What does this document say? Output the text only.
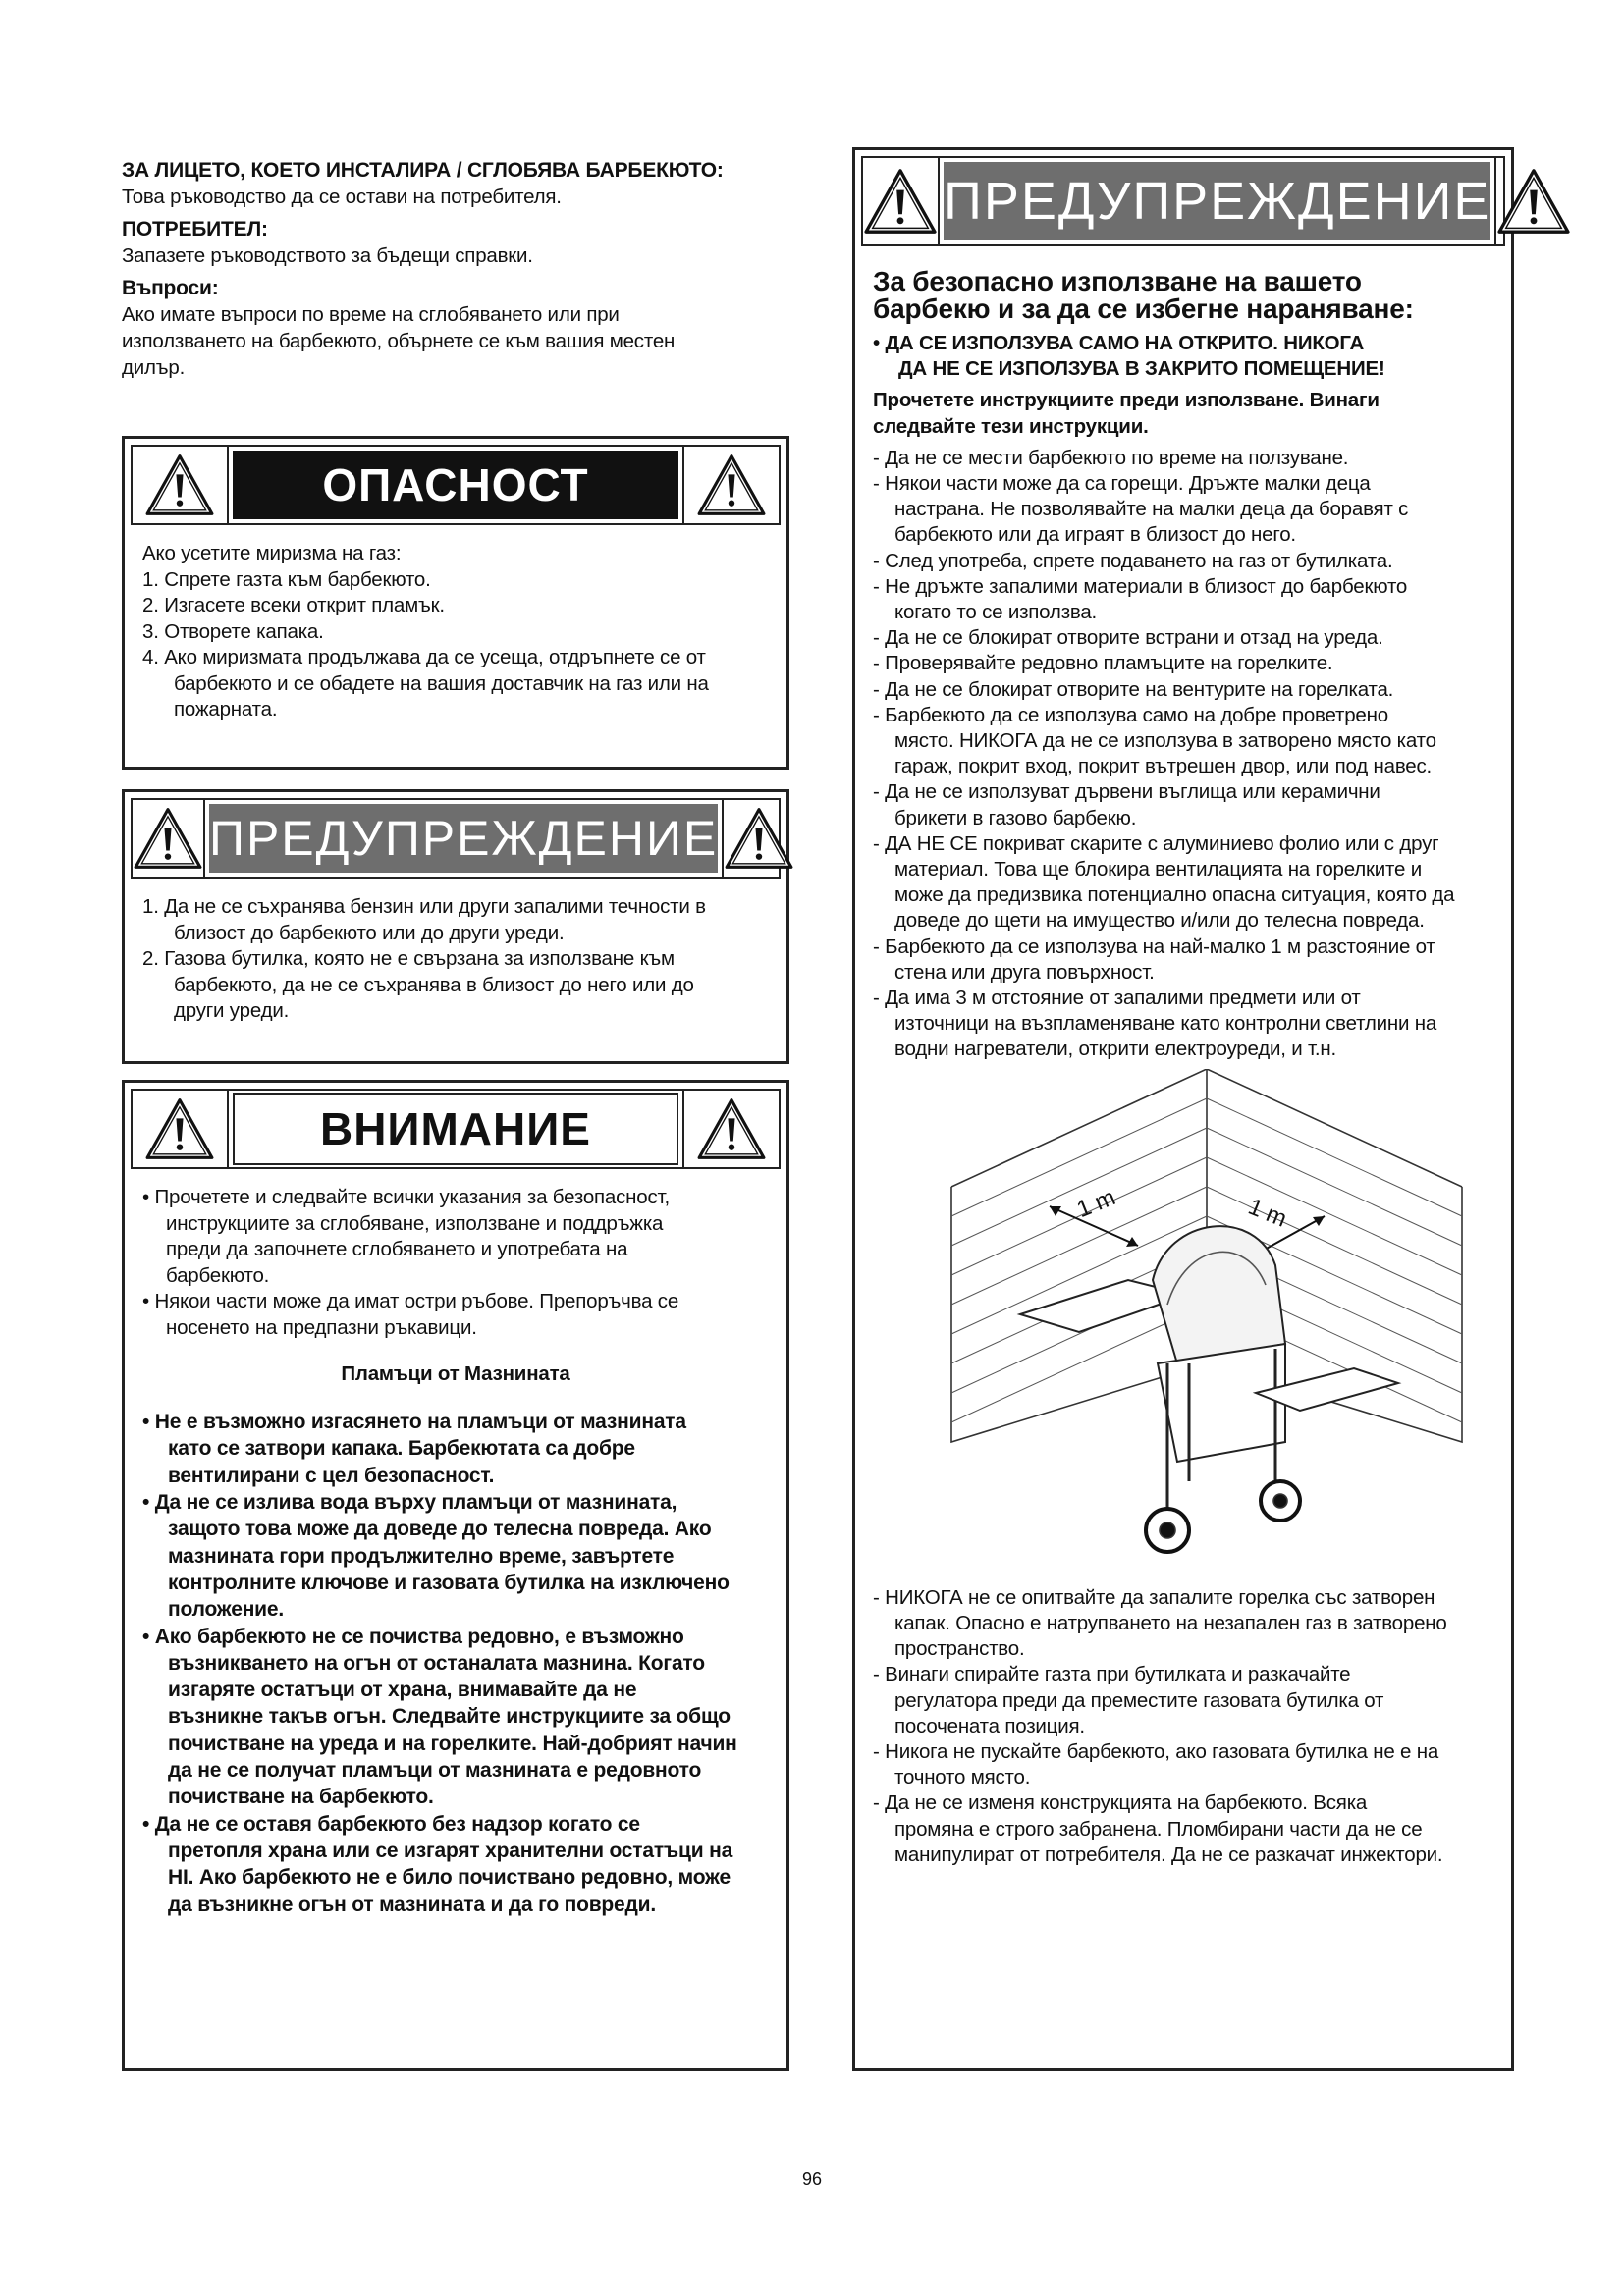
ЗА ЛИЦЕТО, КОЕТО ИНСТАЛИРА / СГЛОБЯВА БАРБЕКЮТО:

Това ръководство да се остави на потребителя.

ПОТРЕБИТЕЛ:

Запазете ръководството за бъдещи справки.

Въпроси:

Ако имате въпроси по време на сглобяването или при

използването на барбекюто, обърнете се към вашия местен

дилър.

ОПАСНОСТ

Ако усетите миризма на газ:

1. Спрете газта към барбекюто.

2. Изгасете всеки открит пламък.

3. Отворете капака.

4. Ако миризмата продължава да се усеща, отдръпнете се от

барбекюто и се обадете на вашия доставчик на газ или на

пожарната.

ПРЕДУПРЕЖДЕНИЕ

1. Да не се съхранява бензин или други запалими течности в

близост до барбекюто или до други уреди.

2. Газова бутилка, която не е свързана за използване към

барбекюто, да не се съхранява в близост до него или до

други уреди.

ВНИМАНИЕ

• Прочетете и следвайте всички указания за безопасност,

инструкциите за сглобяване, използване и поддръжка

преди да започнете сглобяването и употребата на

барбекюто.

• Някои части може да имат остри ръбове. Препоръчва се

носенето на предпазни ръкавици.

Пламъци от Мазнината

• Не е възможно изгасянето на пламъци от мазнината

като се затвори капака. Барбекютата са добре

вентилирани с цел безопасност.

• Да не се излива вода върху пламъци от мазнината,

защото това може да доведе до телесна повреда. Ако

мазнината гори продължително време, завъртете

контролните ключове и газовата бутилка на изключено

положение.

• Ако барбекюто не се почиства редовно, е възможно

възникването на огън от останалата мазнина. Когато

изгаряте остатъци от храна, внимавайте да не

възникне такъв огън. Следвайте инструкциите за общо

почистване на уреда и на горелките. Най-добрият начин

да не се получат пламъци от мазнината е редовното

почистване на барбекюто.

• Да не се оставя барбекюто без надзор когато се

претопля храна или се изгарят хранителни остатъци на

HI. Ако барбекюто не е било почиствано редовно, може

да възникне огън от мазнината и да го повреди.

ПРЕДУПРЕЖДЕНИЕ

За безопасно използване на вашето
барбекю и за да се избегне нараняване:

• ДА СЕ ИЗПОЛЗУВА САМО НА ОТКРИТО. НИКОГА

ДА НЕ СЕ ИЗПОЛЗУВА В ЗАКРИТО ПОМЕЩЕНИЕ!

Прочетете инструкциите преди използване. Винаги

следвайте тези инструкции.

- Да не се мести барбекюто по време на ползуване.

- Някои части може да са горещи. Дръжте малки деца

настрана. Не позволявайте на малки деца да боравят с

барбекюто или да играят в близост до него.

- След употреба, спрете подаването на газ от бутилката.

- Не дръжте запалими материали в близост до барбекюто

когато то се използва.

- Да не се блокират отворите встрани и отзад на уреда.

- Проверявайте редовно пламъците на горелките.

- Да не се блокират отворите на вентурите на горелката.

- Барбекюто да се използува само на добре проветрено

място. НИКОГА да не се използува в затворено място като

гараж, покрит вход, покрит вътрешен двор, или под навес.

- Да не се използуват дървени въглища или керамични

брикети в газово барбекю.

- ДА НЕ СЕ покриват скарите с алуминиево фолио или с друг

материал. Това ще блокира вентилацията на горелките и

може да предизвика потенциално опасна ситуация, която да

доведе до щети на имущество и/или до телесна повреда.

- Барбекюто да се използува на най-малко 1 м разстояние от

стена или друга повърхност.

- Да има 3 м отстояние от запалими предмети или от

източници на възпламеняване като контролни светлини на

водни нагреватели, открити електроуреди, и т.н.

1 m	1 m

- НИКОГА не се опитвайте да запалите горелка със затворен

капак. Опасно е натрупването на незапален газ в затворено

пространство.

- Винаги спирайте газта при бутилката и разкачайте

регулатора преди да преместите газовата бутилка от

посочената позиция.

- Никога не пускайте барбекюто, ако газовата бутилка не е на

точното място.

- Да не се изменя конструкцията на барбекюто. Всяка

промяна е строго забранена. Пломбирани части да не се

манипулират от потребителя. Да не се разкачат инжектори.

96
